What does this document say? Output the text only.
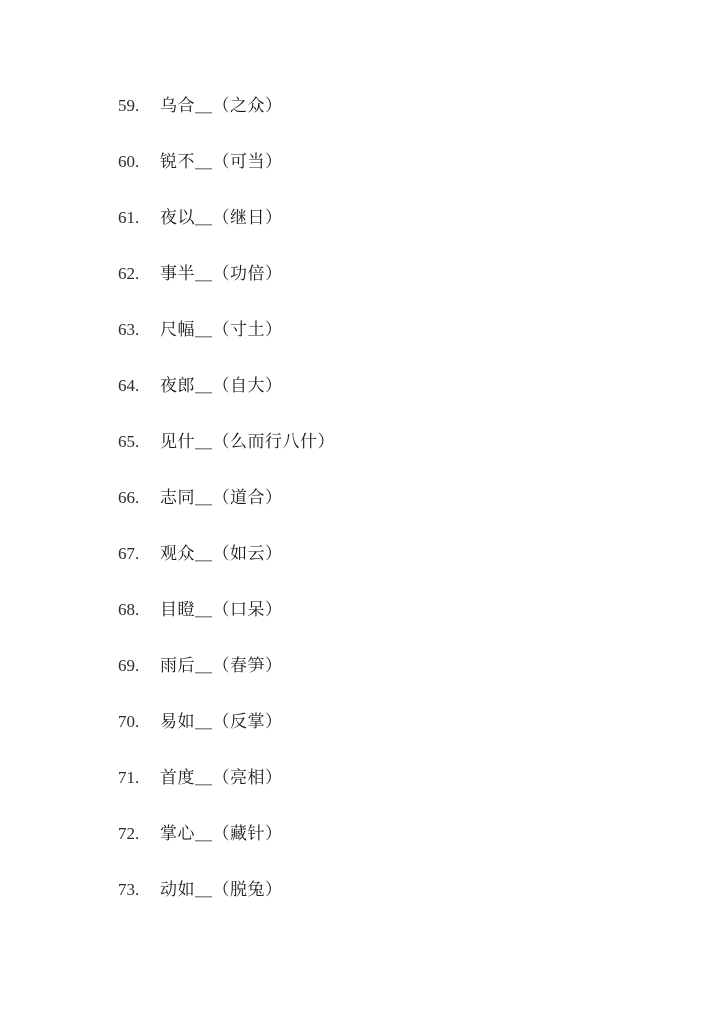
59.	乌合＿（之众）
60.	锐不＿（可当）
61.	夜以＿（继日）
62.	事半＿（功倍）
63.	尺幅＿（寸土）
64.	夜郎＿（自大）
65.	见什＿（么而行八什）
66.	志同＿（道合）
67.	观众＿（如云）
68.	目瞪＿（口呆）
69.	雨后＿（春笋）
70.	易如＿（反掌）
71.	首度＿（亮相）
72.	掌心＿（藏针）
73.	动如＿（脱兔）
